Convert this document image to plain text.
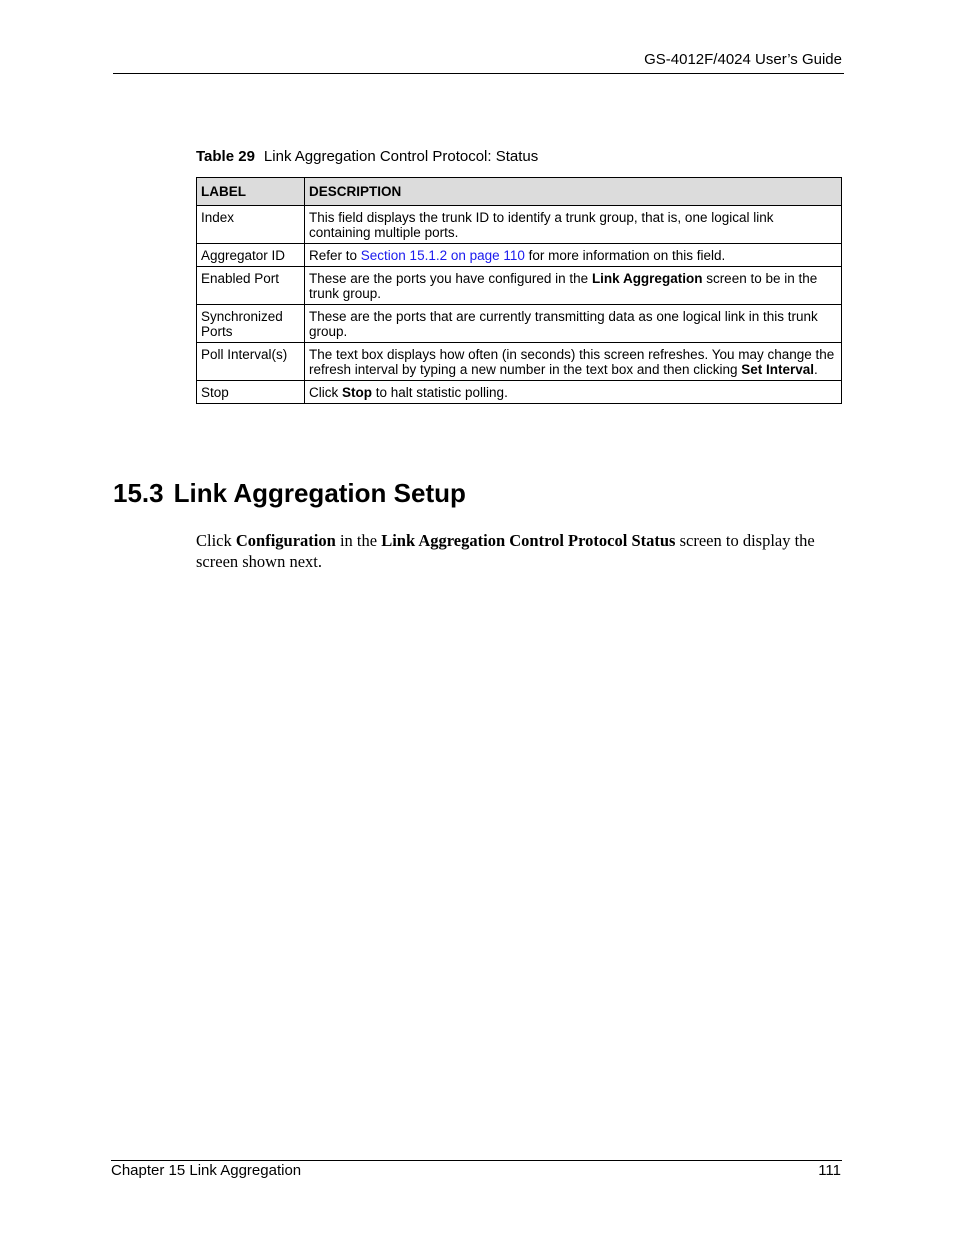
GS-4012F/4024 User’s Guide
Table 29 Link Aggregation Control Protocol: Status
LABEL	DESCRIPTION
Index	This field displays the trunk ID to identify a trunk group, that is, one logical link containing multiple ports.
Aggregator ID	Refer to Section 15.1.2 on page 110 for more information on this field.
Enabled Port	These are the ports you have configured in the Link Aggregation screen to be in the trunk group.
Synchronized Ports	These are the ports that are currently transmitting data as one logical link in this trunk group.
Poll Interval(s)	The text box displays how often (in seconds) this screen refreshes. You may change the refresh interval by typing a new number in the text box and then clicking Set Interval.
Stop	Click Stop to halt statistic polling.
15.3 Link Aggregation Setup

Click Configuration in the Link Aggregation Control Protocol Status screen to display the screen shown next.

Chapter 15 Link Aggregation	111
